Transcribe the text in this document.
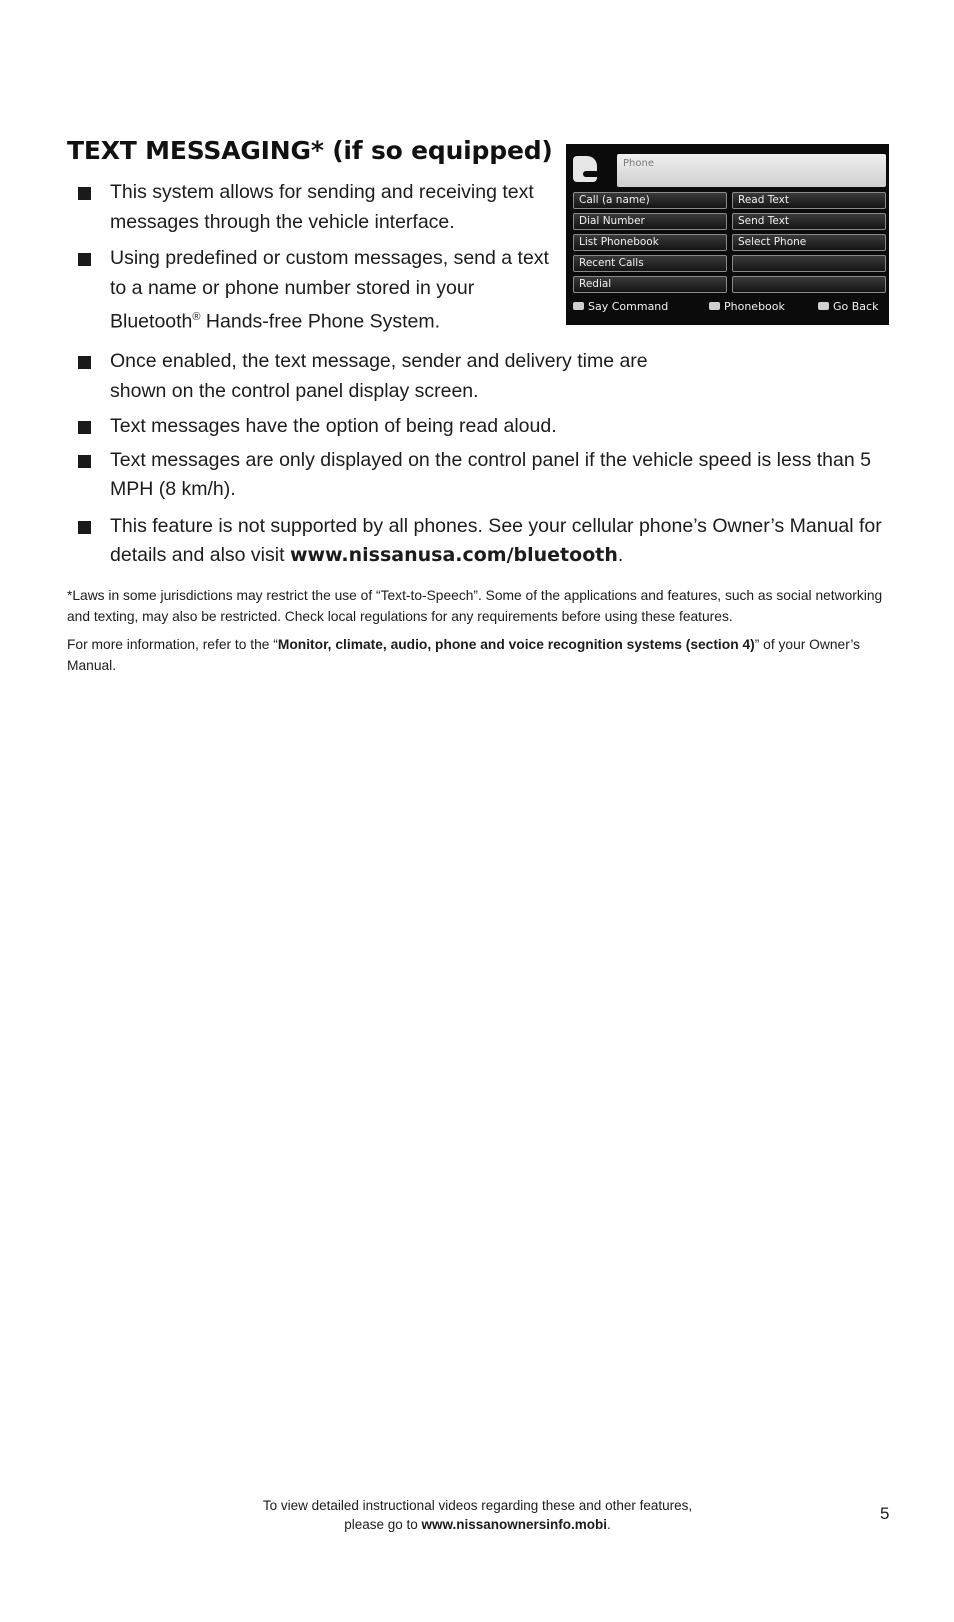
TEXT MESSAGING* (if so equipped)
This system allows for sending and receiving text messages through the vehicle interface.
Using predefined or custom messages, send a text to a name or phone number stored in your Bluetooth® Hands-free Phone System.
Once enabled, the text message, sender and delivery time are shown on the control panel display screen.
Text messages have the option of being read aloud.
Text messages are only displayed on the control panel if the vehicle speed is less than 5 MPH (8 km/h).
This feature is not supported by all phones. See your cellular phone’s Owner’s Manual for details and also visit www.nissanusa.com/bluetooth.

*Laws in some jurisdictions may restrict the use of “Text-to-Speech”. Some of the applications and features, such as social networking and texting, may also be restricted. Check local regulations for any requirements before using these features.

For more information, refer to the “Monitor, climate, audio, phone and voice recognition systems (section 4)” of your Owner’s Manual.

Phone
Call (a name)
Dial Number
List Phonebook
Recent Calls
Redial
Read Text
Send Text
Select Phone
Say Command	Phonebook	Go Back
To view detailed instructional videos regarding these and other features,
please go to www.nissanownersinfo.mobi.
5
